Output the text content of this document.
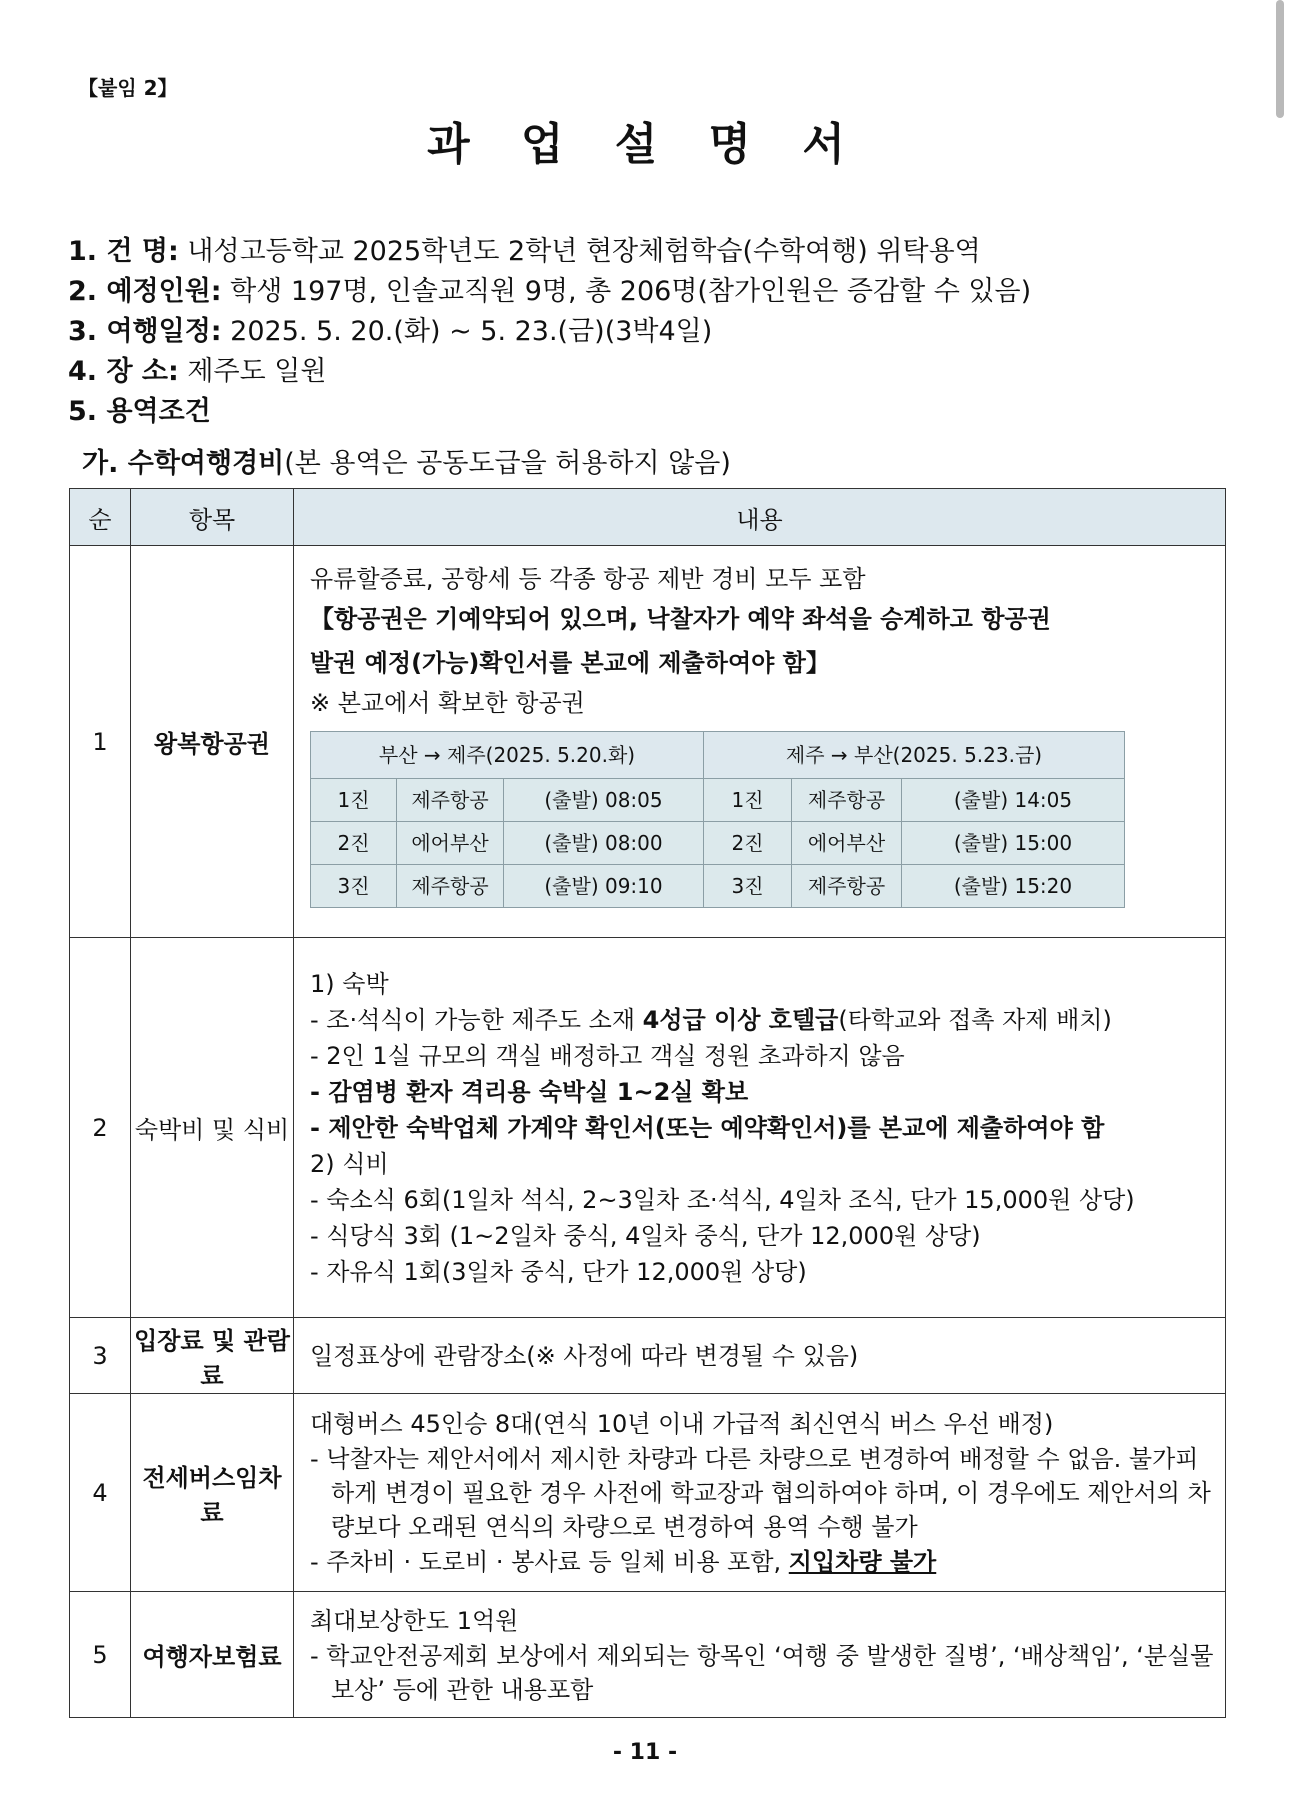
【붙임 2】
과 업 설 명 서
1. 건 명: 내성고등학교 2025학년도 2학년 현장체험학습(수학여행) 위탁용역
2. 예정인원: 학생 197명, 인솔교직원 9명, 총 206명(참가인원은 증감할 수 있음)
3. 여행일정: 2025. 5. 20.(화) ~ 5. 23.(금)(3박4일)
4. 장 소: 제주도 일원
5. 용역조건
가. 수학여행경비(본 용역은 공동도급을 허용하지 않음)
순	항목	내용
1	왕복항공권	
유류할증료, 공항세 등 각종 항공 제반 경비 모두 포함
【항공권은 기예약되어 있으며, 낙찰자가 예약 좌석을 승계하고 항공권
발권 예정(가능)확인서를 본교에 제출하여야 함】
※ 본교에서 확보한 항공권
부산 → 제주(2025. 5.20.화)	제주 → 부산(2025. 5.23.금)
1진	제주항공	(출발) 08:05	1진	제주항공	(출발) 14:05
2진	에어부산	(출발) 08:00	2진	에어부산	(출발) 15:00
3진	제주항공	(출발) 09:10	3진	제주항공	(출발) 15:20

2	숙박비 및 식비	
1) 숙박
- 조·석식이 가능한 제주도 소재 4성급 이상 호텔급(타학교와 접촉 자제 배치)
- 2인 1실 규모의 객실 배정하고 객실 정원 초과하지 않음
- 감염병 환자 격리용 숙박실 1~2실 확보
- 제안한 숙박업체 가계약 확인서(또는 예약확인서)를 본교에 제출하여야 함
2) 식비
- 숙소식 6회(1일차 석식, 2~3일차 조·석식, 4일차 조식, 단가 15,000원 상당)
- 식당식 3회 (1~2일차 중식, 4일차 중식, 단가 12,000원 상당)
- 자유식 1회(3일차 중식, 단가 12,000원 상당)

3	입장료 및 관람료	
일정표상에 관람장소(※ 사정에 따라 변경될 수 있음)

4	전세버스임차료	
대형버스 45인승 8대(연식 10년 이내 가급적 최신연식 버스 우선 배정)
- 낙찰자는 제안서에서 제시한 차량과 다른 차량으로 변경하여 배정할 수 없음. 불가피하게 변경이 필요한 경우 사전에 학교장과 협의하여야 하며, 이 경우에도 제안서의 차량보다 오래된 연식의 차량으로 변경하여 용역 수행 불가
- 주차비 · 도로비 · 봉사료 등 일체 비용 포함, 지입차량 불가

5	여행자보험료	
최대보상한도 1억원
- 학교안전공제회 보상에서 제외되는 항목인 ‘여행 중 발생한 질병’, ‘배상책임’, ‘분실물보상’ 등에 관한 내용포함
- 11 -
